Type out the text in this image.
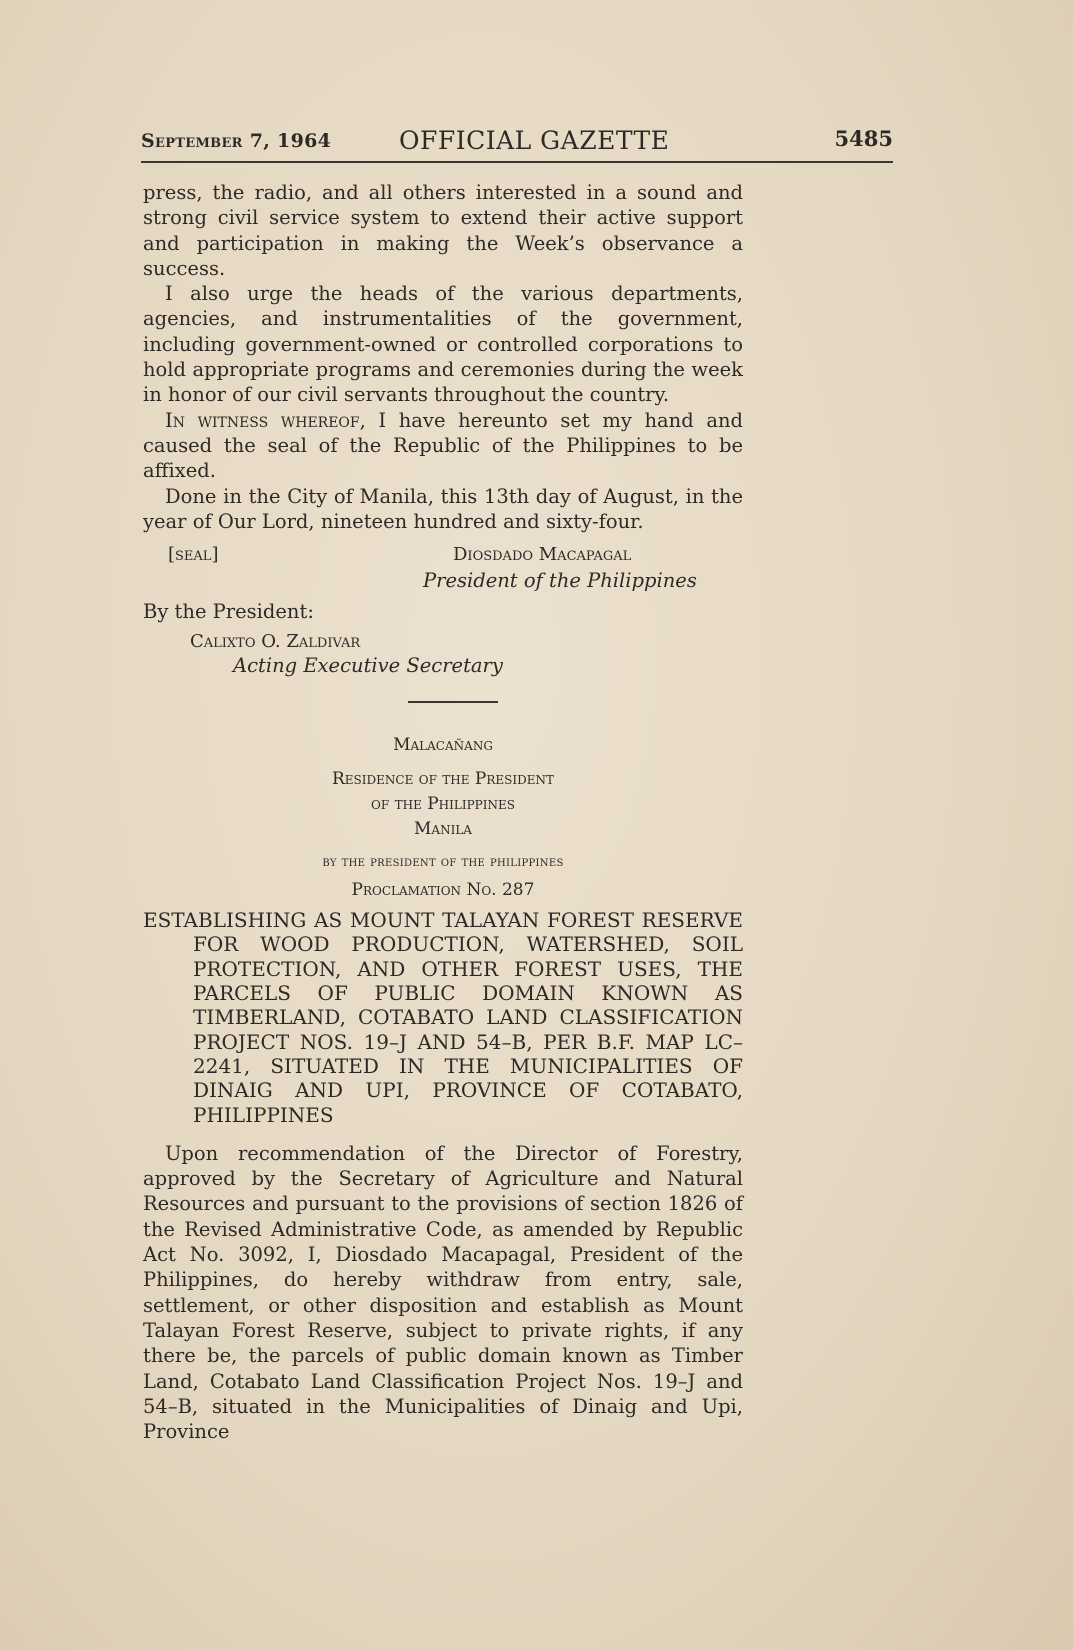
September 7, 1964	OFFICIAL GAZETTE	5485

press, the radio, and all others interested in a sound and strong civil service system to extend their active support and participation in making the Week’s observance a success.

I also urge the heads of the various departments, agencies, and instrumentalities of the government, including government-owned or controlled corporations to hold appropriate programs and ceremonies during the week in honor of our civil servants throughout the country.

In witness whereof, I have hereunto set my hand and caused the seal of the Republic of the Philippines to be affixed.

Done in the City of Manila, this 13th day of August, in the year of Our Lord, nineteen hundred and sixty-four.

[seal]	Diosdado Macapagal
President of the Philippines
By the President:
Calixto O. Zaldivar
Acting Executive Secretary
Malacañang
Residence of the President
of the Philippines
Manila
by the president of the philippines
Proclamation No. 287
ESTABLISHING AS MOUNT TALAYAN FOREST RESERVE FOR WOOD PRODUCTION, WATERSHED, SOIL PROTECTION, AND OTHER FOREST USES, THE PARCELS OF PUBLIC DOMAIN KNOWN AS TIMBERLAND, COTABATO LAND CLASSIFICATION PROJECT NOS. 19–J AND 54–B, PER B.F. MAP LC–2241, SITUATED IN THE MUNICIPALITIES OF DINAIG AND UPI, PROVINCE OF COTABATO, PHILIPPINES

Upon recommendation of the Director of Forestry, approved by the Secretary of Agriculture and Natural Resources and pursuant to the provisions of section 1826 of the Revised Administrative Code, as amended by Republic Act No. 3092, I, Diosdado Macapagal, President of the Philippines, do hereby withdraw from entry, sale, settlement, or other disposition and establish as Mount Talayan Forest Reserve, subject to private rights, if any there be, the parcels of public domain known as Timber Land, Cotabato Land Classification Project Nos. 19–J and 54–B, situated in the Municipalities of Dinaig and Upi, Province
